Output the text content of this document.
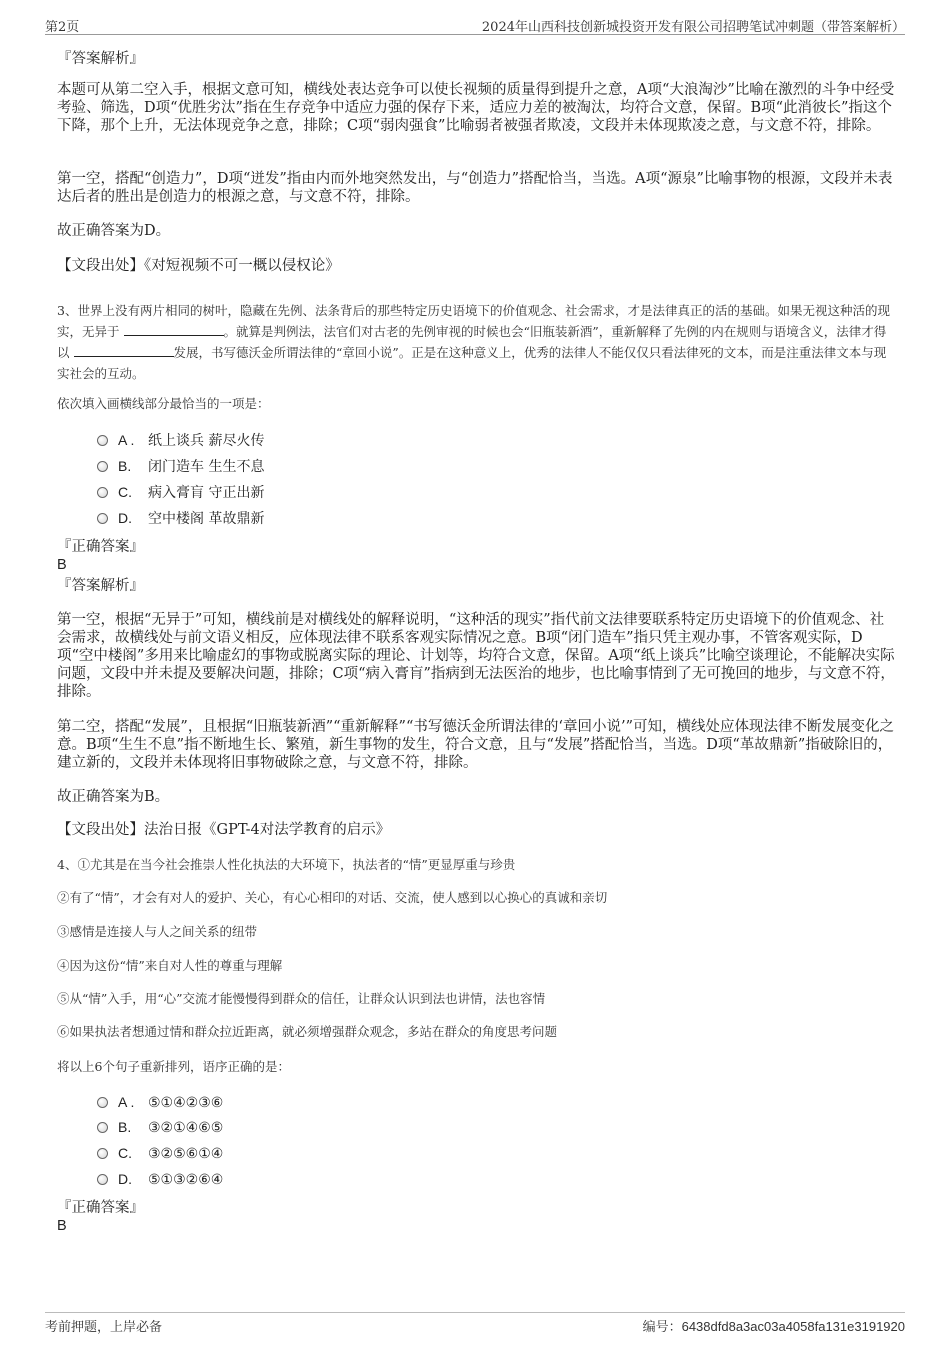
第2页	2024年山西科技创新城投资开发有限公司招聘笔试冲刺题（带答案解析）
『答案解析』

本题可从第二空入手，根据文意可知，横线处表达竞争可以使长视频的质量得到提升之意，A项“大浪淘沙”比喻在激烈的斗争中经受考验、筛选，D项“优胜劣汰”指在生存竞争中适应力强的保存下来，适应力差的被淘汰，均符合文意，保留。B项“此消彼长”指这个下降，那个上升，无法体现竞争之意，排除；C项“弱肉强食”比喻弱者被强者欺凌，文段并未体现欺凌之意，与文意不符，排除。

第一空，搭配“创造力”，D项“迸发”指由内而外地突然发出，与“创造力”搭配恰当，当选。A项“源泉”比喻事物的根源，文段并未表达后者的胜出是创造力的根源之意，与文意不符，排除。

故正确答案为D。

【文段出处】《对短视频不可一概以侵权论》

3、世界上没有两片相同的树叶，隐藏在先例、法条背后的那些特定历史语境下的价值观念、社会需求，才是法律真正的活的基础。如果无视这种活的现实，无异于	。就算是判例法，法官们对古老的先例审视的时候也会“旧瓶装新酒”，重新解释了先例的内在规则与语境含义，法律才得以	发展，书写德沃金所谓法律的“章回小说”。正是在这种意义上，优秀的法律人不能仅仅只看法律死的文本，而是注重法律文本与现实社会的互动。

依次填入画横线部分最恰当的一项是：

A . 纸上谈兵 薪尽火传
B. 闭门造车 生生不息
C. 病入膏肓 守正出新
D. 空中楼阁 革故鼎新
『正确答案』
B
『答案解析』

第一空，根据“无异于”可知，横线前是对横线处的解释说明，“这种活的现实”指代前文法律要联系特定历史语境下的价值观念、社会需求，故横线处与前文语义相反，应体现法律不联系客观实际情况之意。B项“闭门造车”指只凭主观办事，不管客观实际，D项“空中楼阁”多用来比喻虚幻的事物或脱离实际的理论、计划等，均符合文意，保留。A项“纸上谈兵”比喻空谈理论，不能解决实际问题，文段中并未提及要解决问题，排除；C项“病入膏肓”指病到无法医治的地步，也比喻事情到了无可挽回的地步，与文意不符，排除。

第二空，搭配“发展”，且根据“旧瓶装新酒”“重新解释”“书写德沃金所谓法律的‘章回小说’”可知，横线处应体现法律不断发展变化之意。B项“生生不息”指不断地生长、繁殖，新生事物的发生，符合文意，且与“发展”搭配恰当，当选。D项“革故鼎新”指破除旧的，建立新的，文段并未体现将旧事物破除之意，与文意不符，排除。

故正确答案为B。

【文段出处】法治日报《GPT-4对法学教育的启示》

4、①尤其是在当今社会推崇人性化执法的大环境下，执法者的“情”更显厚重与珍贵

②有了“情”，才会有对人的爱护、关心，有心心相印的对话、交流，使人感到以心换心的真诚和亲切

③感情是连接人与人之间关系的纽带

④因为这份“情”来自对人性的尊重与理解

⑤从“情”入手，用“心”交流才能慢慢得到群众的信任，让群众认识到法也讲情，法也容情

⑥如果执法者想通过情和群众拉近距离，就必须增强群众观念，多站在群众的角度思考问题

将以上6个句子重新排列，语序正确的是：

A . ⑤①④②③⑥
B. ③②①④⑥⑤
C. ③②⑤⑥①④
D. ⑤①③②⑥④
『正确答案』
B
考前押题，上岸必备	编号：6438dfd8a3ac03a4058fa131e3191920
